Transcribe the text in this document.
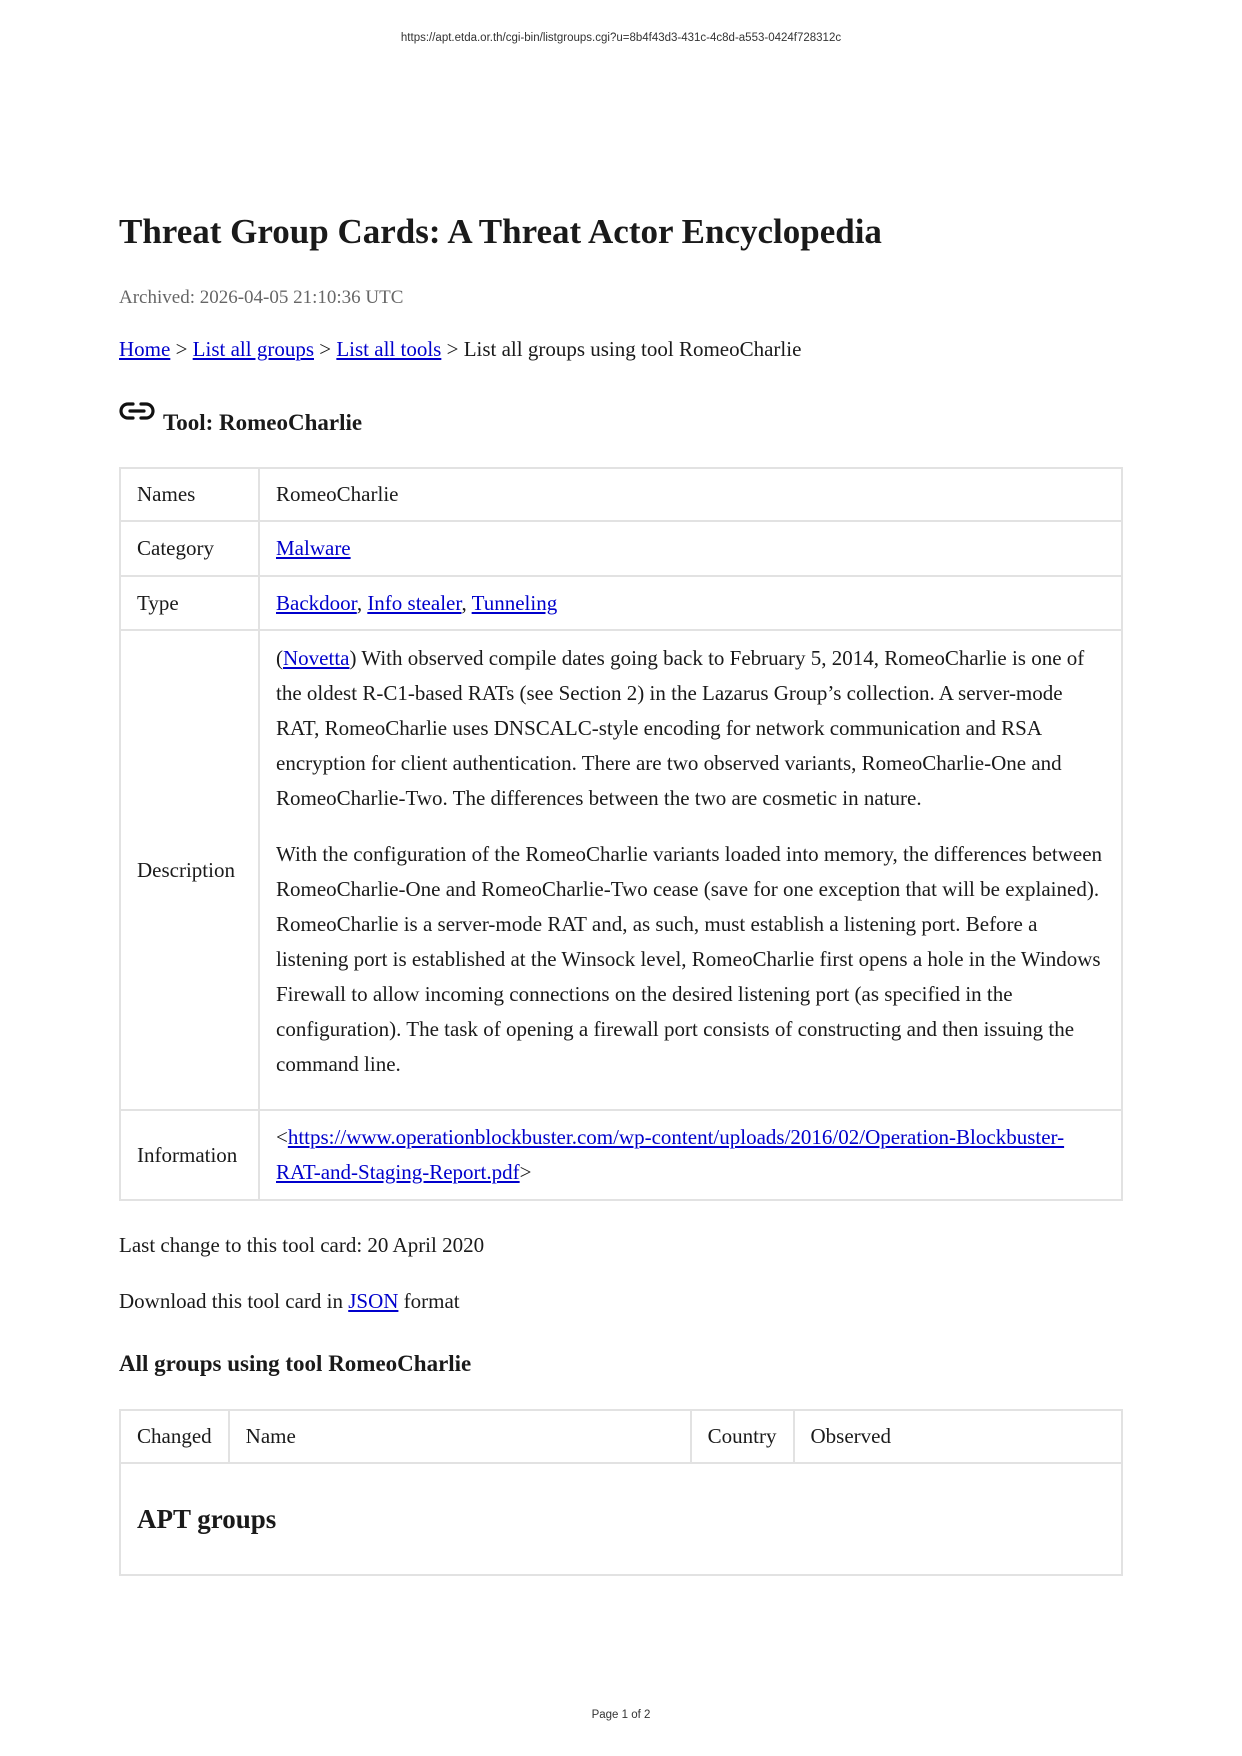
https://apt.etda.or.th/cgi-bin/listgroups.cgi?u=8b4f43d3-431c-4c8d-a553-0424f728312c
Threat Group Cards: A Threat Actor Encyclopedia
Archived: 2026-04-05 21:10:36 UTC
Home > List all groups > List all tools > List all groups using tool RomeoCharlie
Tool: RomeoCharlie
Names	RomeoCharlie
Category	Malware
Type	Backdoor, Info stealer, Tunneling
Description	(Novetta) With observed compile dates going back to February 5, 2014, RomeoCharlie is one of the oldest R-C1-based RATs (see Section 2) in the Lazarus Group’s collection. A server-mode RAT, RomeoCharlie uses DNSCALC-style encoding for network communication and RSA encryption for client authentication. There are two observed variants, RomeoCharlie-One and RomeoCharlie-Two. The differences between the two are cosmetic in nature.

With the configuration of the RomeoCharlie variants loaded into memory, the differences between RomeoCharlie-One and RomeoCharlie-Two cease (save for one exception that will be explained). RomeoCharlie is a server-mode RAT and, as such, must establish a listening port. Before a listening port is established at the Winsock level, RomeoCharlie first opens a hole in the Windows Firewall to allow incoming connections on the desired listening port (as specified in the configuration). The task of opening a firewall port consists of constructing and then issuing the command line.

Information	<https://www.operationblockbuster.com/wp-content/uploads/2016/02/Operation-Blockbuster-
RAT-and-Staging-Report.pdf>
Last change to this tool card: 20 April 2020
Download this tool card in JSON format
All groups using tool RomeoCharlie
Changed	Name	Country	Observed

APT groups
Page 1 of 2
